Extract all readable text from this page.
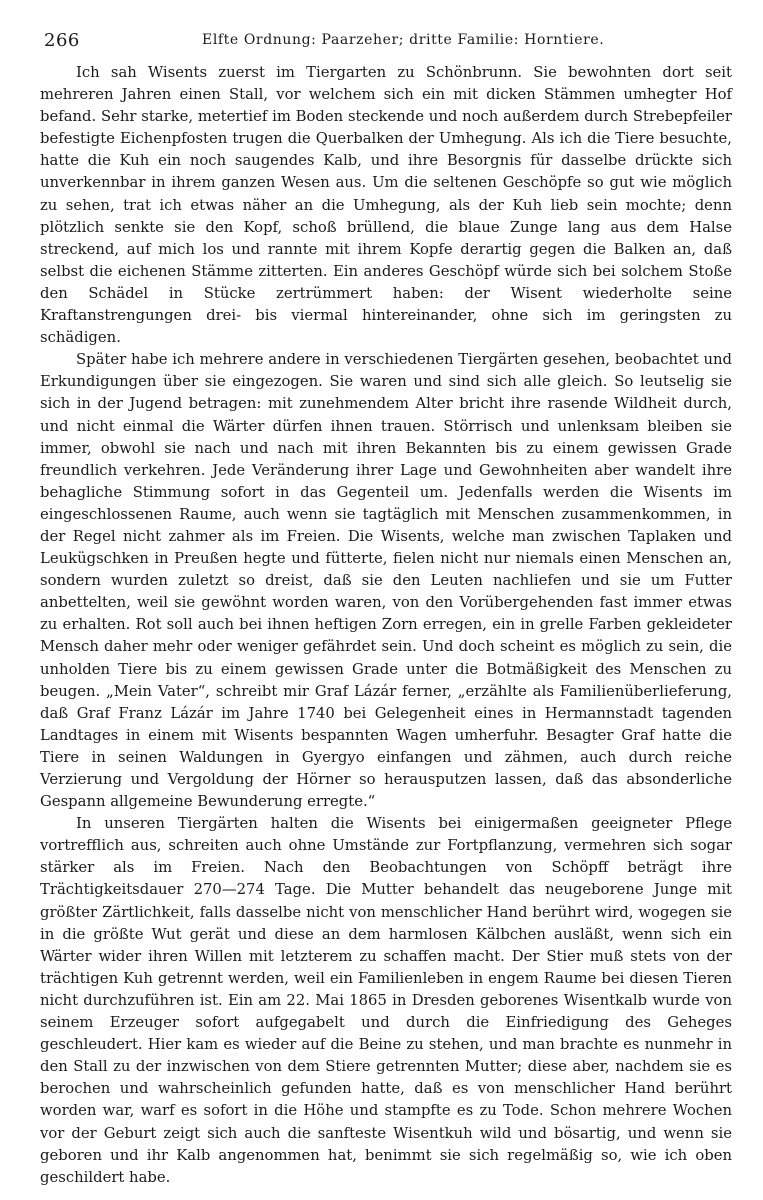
266	Elfte Ordnung: Paarzeher; dritte Familie: Horntiere.

Ich sah Wisents zuerst im Tiergarten zu Schönbrunn. Sie bewohnten dort seit mehreren Jahren einen Stall, vor welchem sich ein mit dicken Stämmen umhegter Hof befand. Sehr starke, metertief im Boden steckende und noch außerdem durch Strebepfeiler befestigte Eichenpfosten trugen die Querbalken der Umhegung. Als ich die Tiere besuchte, hatte die Kuh ein noch saugendes Kalb, und ihre Besorgnis für dasselbe drückte sich unverkennbar in ihrem ganzen Wesen aus. Um die seltenen Geschöpfe so gut wie möglich zu sehen, trat ich etwas näher an die Umhegung, als der Kuh lieb sein mochte; denn plötzlich senkte sie den Kopf, schoß brüllend, die blaue Zunge lang aus dem Halse streckend, auf mich los und rannte mit ihrem Kopfe derartig gegen die Balken an, daß selbst die eichenen Stämme zitterten. Ein anderes Geschöpf würde sich bei solchem Stoße den Schädel in Stücke zertrümmert haben: der Wisent wiederholte seine Kraftanstrengungen drei- bis viermal hintereinander, ohne sich im geringsten zu schädigen.

Später habe ich mehrere andere in verschiedenen Tiergärten gesehen, beobachtet und Erkundigungen über sie eingezogen. Sie waren und sind sich alle gleich. So leutselig sie sich in der Jugend betragen: mit zunehmendem Alter bricht ihre rasende Wildheit durch, und nicht einmal die Wärter dürfen ihnen trauen. Störrisch und unlenksam bleiben sie immer, obwohl sie nach und nach mit ihren Bekannten bis zu einem gewissen Grade freundlich verkehren. Jede Veränderung ihrer Lage und Gewohnheiten aber wandelt ihre behagliche Stimmung sofort in das Gegenteil um. Jedenfalls werden die Wisents im eingeschlossenen Raume, auch wenn sie tagtäglich mit Menschen zusammenkommen, in der Regel nicht zahmer als im Freien. Die Wisents, welche man zwischen Taplaken und Leukügschken in Preußen hegte und fütterte, fielen nicht nur niemals einen Menschen an, sondern wurden zuletzt so dreist, daß sie den Leuten nachliefen und sie um Futter anbettelten, weil sie gewöhnt worden waren, von den Vorübergehenden fast immer etwas zu erhalten. Rot soll auch bei ihnen heftigen Zorn erregen, ein in grelle Farben gekleideter Mensch daher mehr oder weniger gefährdet sein. Und doch scheint es möglich zu sein, die unholden Tiere bis zu einem gewissen Grade unter die Botmäßigkeit des Menschen zu beugen. „Mein Vater“, schreibt mir Graf Lázár ferner, „erzählte als Familienüberlieferung, daß Graf Franz Lázár im Jahre 1740 bei Gelegenheit eines in Hermannstadt tagenden Landtages in einem mit Wisents bespannten Wagen umherfuhr. Besagter Graf hatte die Tiere in seinen Waldungen in Gyergyo einfangen und zähmen, auch durch reiche Verzierung und Vergoldung der Hörner so herausputzen lassen, daß das absonderliche Gespann allgemeine Bewunderung erregte.“

In unseren Tiergärten halten die Wisents bei einigermaßen geeigneter Pflege vortrefflich aus, schreiten auch ohne Umstände zur Fortpflanzung, vermehren sich sogar stärker als im Freien. Nach den Beobachtungen von Schöpff beträgt ihre Trächtigkeitsdauer 270—274 Tage. Die Mutter behandelt das neugeborene Junge mit größter Zärtlichkeit, falls dasselbe nicht von menschlicher Hand berührt wird, wogegen sie in die größte Wut gerät und diese an dem harmlosen Kälbchen ausläßt, wenn sich ein Wärter wider ihren Willen mit letzterem zu schaffen macht. Der Stier muß stets von der trächtigen Kuh getrennt werden, weil ein Familienleben in engem Raume bei diesen Tieren nicht durchzuführen ist. Ein am 22. Mai 1865 in Dresden geborenes Wisentkalb wurde von seinem Erzeuger sofort aufgegabelt und durch die Einfriedigung des Geheges geschleudert. Hier kam es wieder auf die Beine zu stehen, und man brachte es nunmehr in den Stall zu der inzwischen von dem Stiere getrennten Mutter; diese aber, nachdem sie es berochen und wahrscheinlich gefunden hatte, daß es von menschlicher Hand berührt worden war, warf es sofort in die Höhe und stampfte es zu Tode. Schon mehrere Wochen vor der Geburt zeigt sich auch die sanfteste Wisentkuh wild und bösartig, und wenn sie geboren und ihr Kalb angenommen hat, benimmt sie sich regelmäßig so, wie ich oben geschildert habe.
